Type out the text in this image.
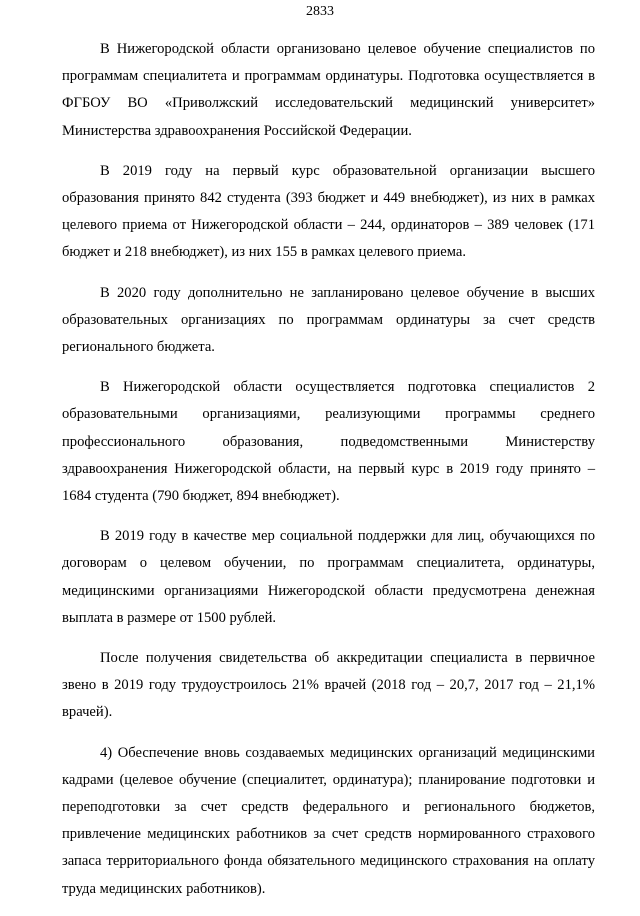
2833

В Нижегородской области организовано целевое обучение специалистов по программам специалитета и программам ординатуры. Подготовка осуществляется в ФГБОУ ВО «Приволжский исследовательский медицинский университет» Министерства здравоохранения Российской Федерации.

В 2019 году на первый курс образовательной организации высшего образования принято 842 студента (393 бюджет и 449 внебюджет), из них в рамках целевого приема от Нижегородской области – 244, ординаторов – 389 человек (171 бюджет и 218 внебюджет), из них 155 в рамках целевого приема.

В 2020 году дополнительно не запланировано целевое обучение в высших образовательных организациях по программам ординатуры за счет средств регионального бюджета.

В Нижегородской области осуществляется подготовка специалистов 2 образовательными организациями, реализующими программы среднего профессионального образования, подведомственными Министерству здравоохранения Нижегородской области, на первый курс в 2019 году принято – 1684 студента (790 бюджет, 894 внебюджет).

В 2019 году в качестве мер социальной поддержки для лиц, обучающихся по договорам о целевом обучении, по программам специалитета, ординатуры, медицинскими организациями Нижегородской области предусмотрена денежная выплата в размере от 1500 рублей.

После получения свидетельства об аккредитации специалиста в первичное звено в 2019 году трудоустроилось 21% врачей (2018 год – 20,7, 2017 год – 21,1% врачей).

4) Обеспечение вновь создаваемых медицинских организаций медицинскими кадрами (целевое обучение (специалитет, ординатура); планирование подготовки и переподготовки за счет средств федерального и регионального бюджетов, привлечение медицинских работников за счет средств нормированного страхового запаса территориального фонда обязательного медицинского страхования на оплату труда медицинских работников).
